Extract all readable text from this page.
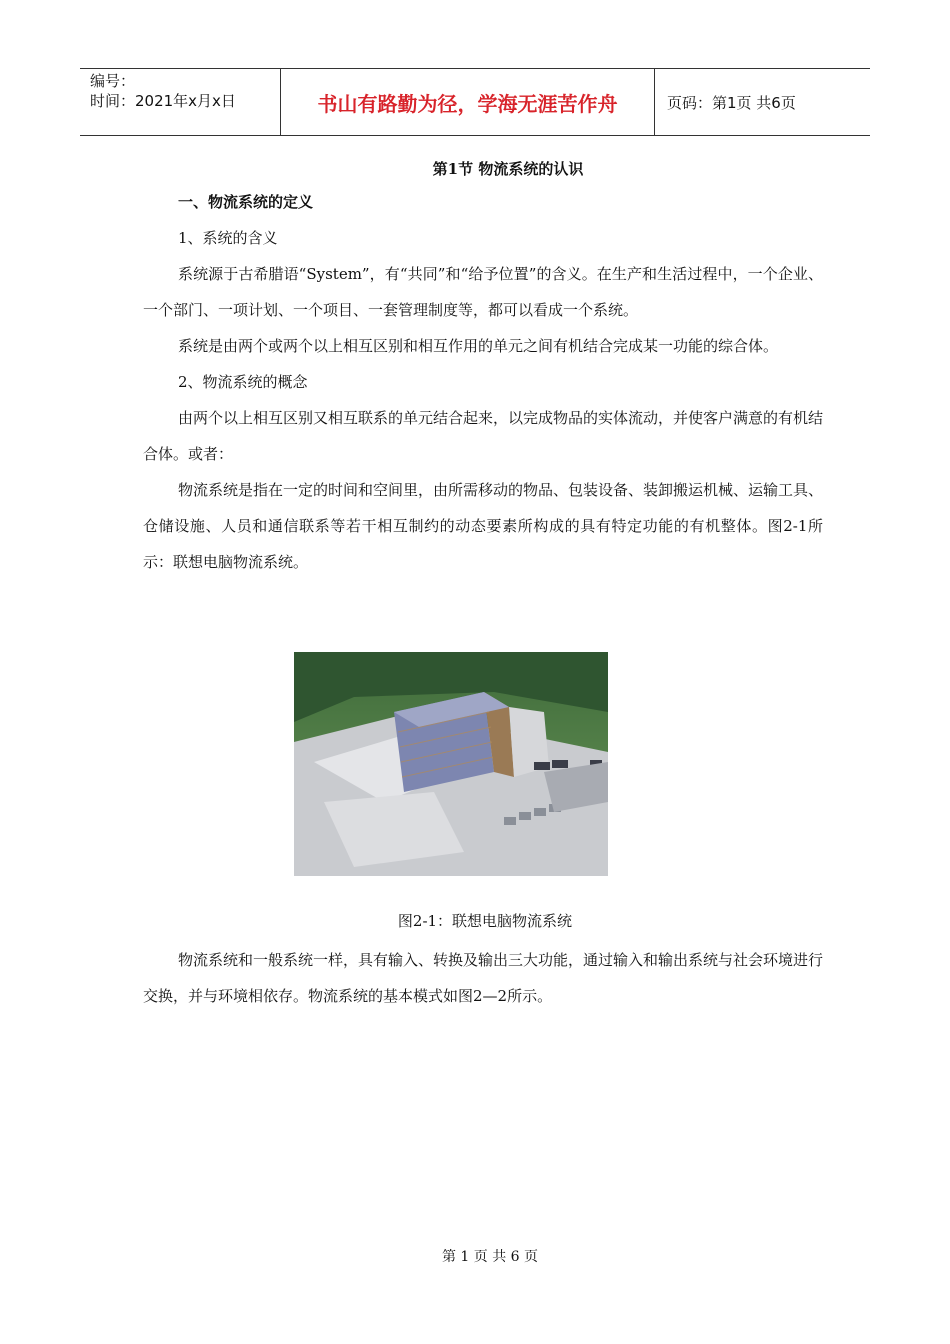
编号：
时间：2021年x月x日	书山有路勤为径，学海无涯苦作舟	页码：第1页 共6页
第1节 物流系统的认识
一、物流系统的定义
1、系统的含义

系统源于古希腊语“System”，有“共同”和“给予位置”的含义。在生产和生活过程中，一个企业、一个部门、一项计划、一个项目、一套管理制度等，都可以看成一个系统。

系统是由两个或两个以上相互区别和相互作用的单元之间有机结合完成某一功能的综合体。

2、物流系统的概念

由两个以上相互区别又相互联系的单元结合起来，以完成物品的实体流动，并使客户满意的有机结合体。或者：

物流系统是指在一定的时间和空间里，由所需移动的物品、包装设备、装卸搬运机械、运输工具、仓储设施、人员和通信联系等若干相互制约的动态要素所构成的具有特定功能的有机整体。图2-1所示：联想电脑物流系统。

图2-1：联想电脑物流系统

物流系统和一般系统一样，具有输入、转换及输出三大功能，通过输入和输出系统与社会环境进行交换，并与环境相依存。物流系统的基本模式如图2—2所示。

第 1 页 共 6 页
